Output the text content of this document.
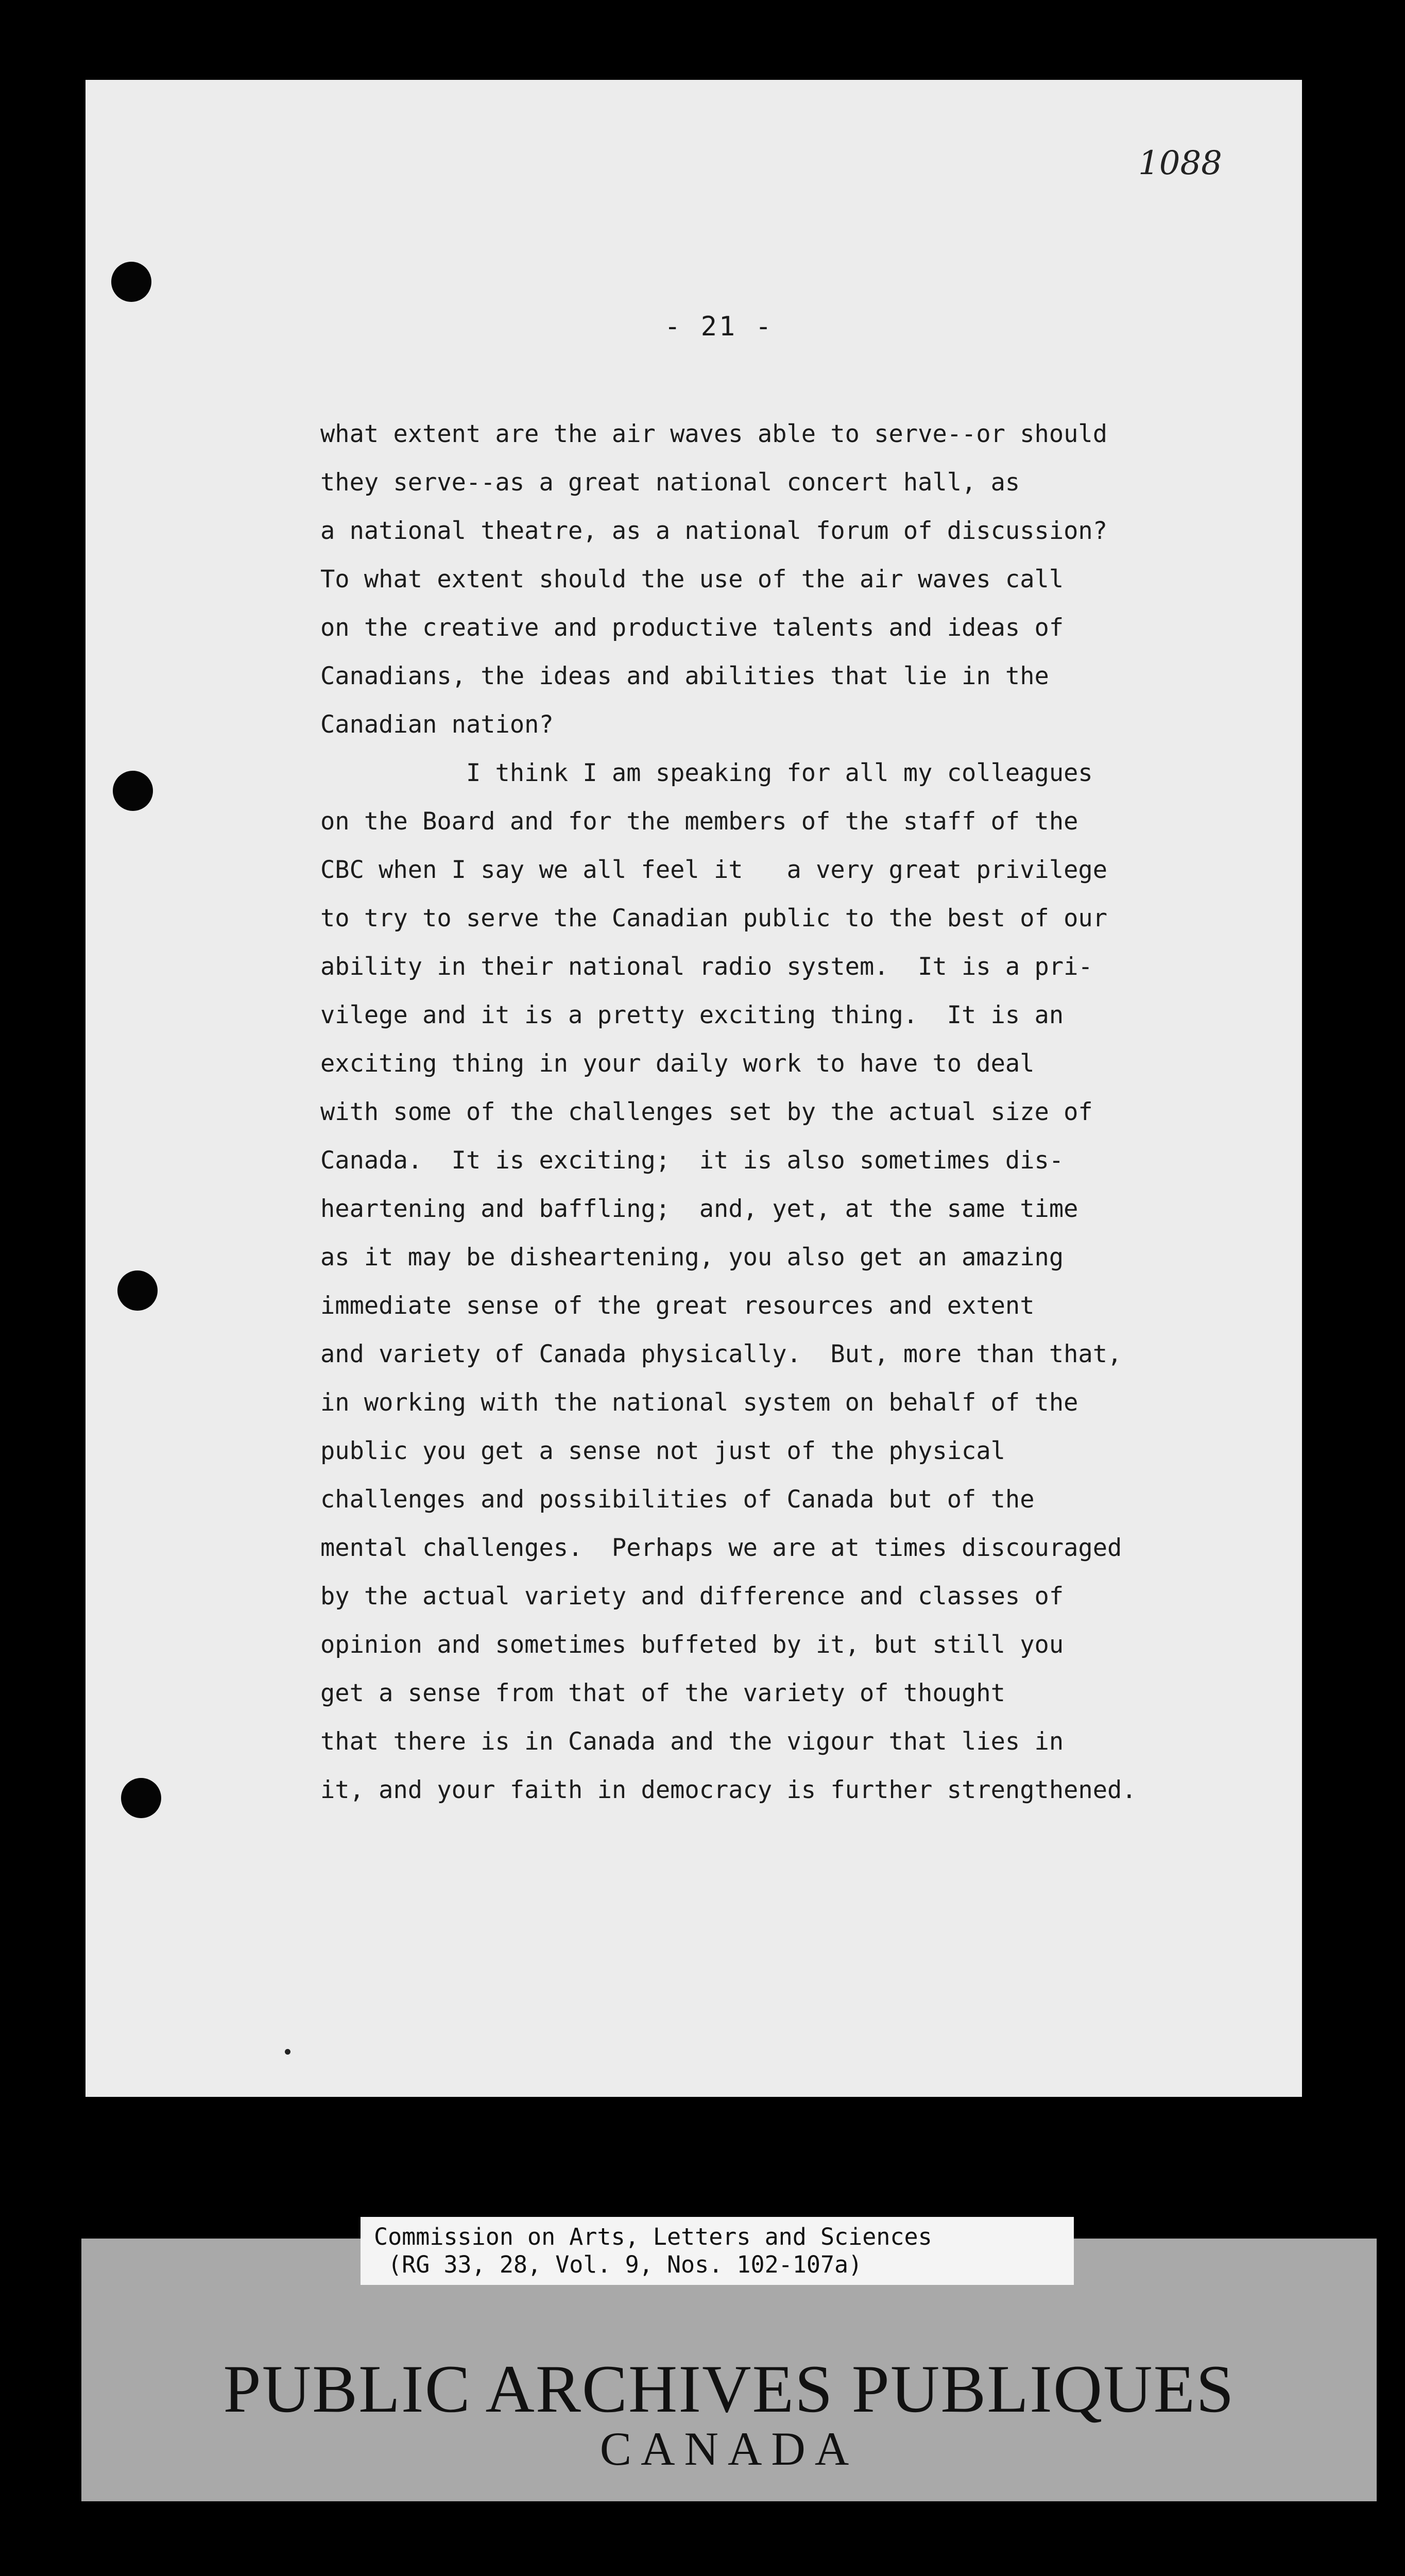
1088
- 21 -
what extent are the air waves able to serve--or should
they serve--as a great national concert hall, as
a national theatre, as a national forum of discussion?
To what extent should the use of the air waves call
on the creative and productive talents and ideas of
Canadians, the ideas and abilities that lie in the
Canadian nation?
I think I am speaking for all my colleagues
on the Board and for the members of the staff of the
CBC when I say we all feel it   a very great privilege
to try to serve the Canadian public to the best of our
ability in their national radio system.  It is a pri-
vilege and it is a pretty exciting thing.  It is an
exciting thing in your daily work to have to deal
with some of the challenges set by the actual size of
Canada.  It is exciting;  it is also sometimes dis-
heartening and baffling;  and, yet, at the same time
as it may be disheartening, you also get an amazing
immediate sense of the great resources and extent
and variety of Canada physically.  But, more than that,
in working with the national system on behalf of the
public you get a sense not just of the physical
challenges and possibilities of Canada but of the
mental challenges.  Perhaps we are at times discouraged
by the actual variety and difference and classes of
opinion and sometimes buffeted by it, but still you
get a sense from that of the variety of thought
that there is in Canada and the vigour that lies in
it, and your faith in democracy is further strengthened.
Commission on Arts, Letters and Sciences
(RG 33, 28, Vol. 9, Nos. 102-107a)
PUBLIC ARCHIVES PUBLIQUES
CANADA
